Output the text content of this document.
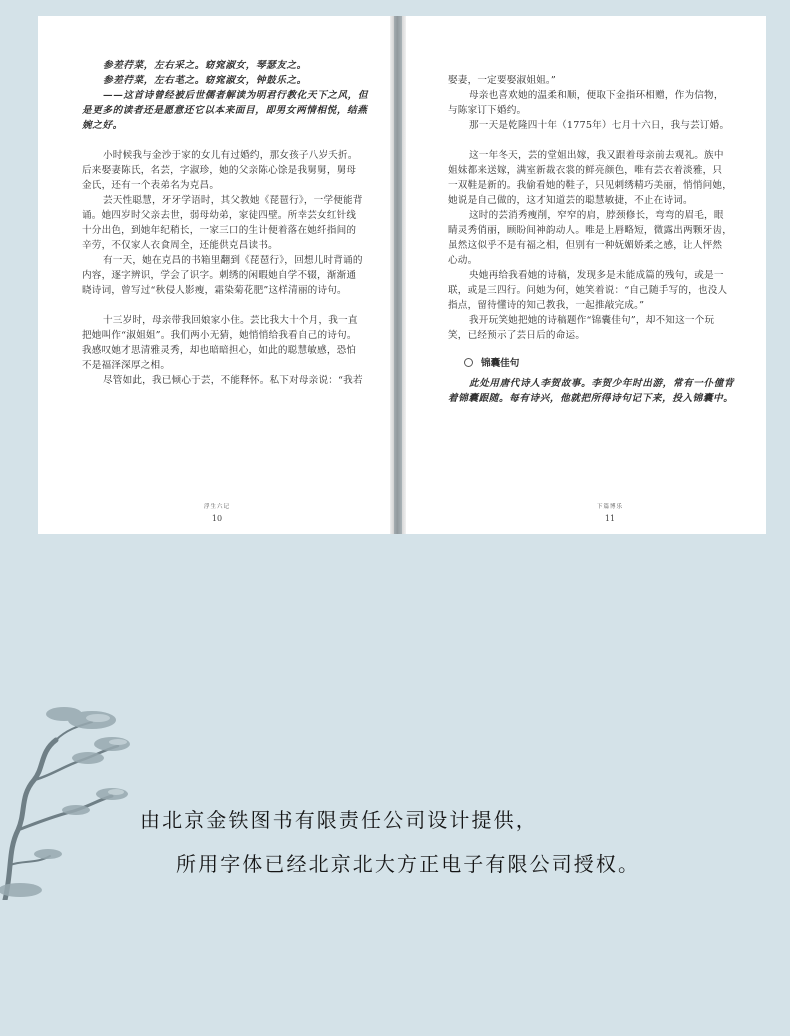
参差荇菜，左右采之。窈窕淑女，琴瑟友之。
参差荇菜，左右芼之。窈窕淑女，钟鼓乐之。
——这首诗曾经被后世儒者解读为明君行教化天下之风，但
是更多的读者还是愿意还它以本来面目，即男女两情相悦，结燕
婉之好。
小时候我与金沙于家的女儿有过婚约，那女孩子八岁夭折。
后来娶妻陈氏，名芸，字淑珍，她的父亲陈心馀是我舅舅，舅母
金氏，还有一个表弟名为克昌。
芸天性聪慧，牙牙学语时，其父教她《琵琶行》，一学便能背
诵。她四岁时父亲去世，弱母幼弟，家徒四壁。所幸芸女红针线
十分出色，到她年纪稍长，一家三口的生计便着落在她纤指间的
辛劳，不仅家人衣食周全，还能供克昌读书。
有一天，她在克昌的书箱里翻到《琵琶行》，回想儿时背诵的
内容，逐字辨识，学会了识字。刺绣的闲暇她自学不辍，渐渐通
晓诗词，曾写过“秋侵人影瘦，霜染菊花肥”这样清丽的诗句。
十三岁时，母亲带我回娘家小住。芸比我大十个月，我一直
把她叫作“淑姐姐”。我们两小无猜，她悄悄给我看自己的诗句。
我感叹她才思清雅灵秀，却也暗暗担心，如此的聪慧敏感，恐怕
不是福泽深厚之相。
尽管如此，我已倾心于芸，不能释怀。私下对母亲说：“我若
浮生六记
10
娶妻，一定要娶淑姐姐。”
母亲也喜欢她的温柔和顺，便取下金指环相赠，作为信物，
与陈家订下婚约。
那一天是乾隆四十年（1775年）七月十六日，我与芸订婚。
这一年冬天，芸的堂姐出嫁，我又跟着母亲前去观礼。族中
姐妹都来送嫁，满室新裁衣裳的鲜亮颜色，唯有芸衣着淡雅，只
一双鞋是新的。我偷看她的鞋子，只见刺绣精巧美丽，悄悄问她，
她说是自己做的，这才知道芸的聪慧敏捷，不止在诗词。
这时的芸消秀瘦削，窄窄的肩，脖颈修长，弯弯的眉毛，眼
睛灵秀俏丽，顾盼间神韵动人。唯是上唇略短，微露出两颗牙齿，
虽然这似乎不是有福之相，但别有一种妩媚娇柔之感，让人怦然
心动。
央她再给我看她的诗稿，发现多是未能成篇的残句，或是一
联，或是三四行。问她为何，她笑着说：“自己随手写的，也没人
指点，留待懂诗的知己教我，一起推敲完成。”
我开玩笑她把她的诗稿题作“锦囊佳句”，却不知这一个玩
笑，已经预示了芸日后的命运。
锦囊佳句
此处用唐代诗人李贺故事。李贺少年时出游，常有一仆僮背
着锦囊跟随。每有诗兴，他就把所得诗句记下来，投入锦囊中。
下篇博乐
11
由北京金铁图书有限责任公司设计提供，
所用字体已经北京北大方正电子有限公司授权。
